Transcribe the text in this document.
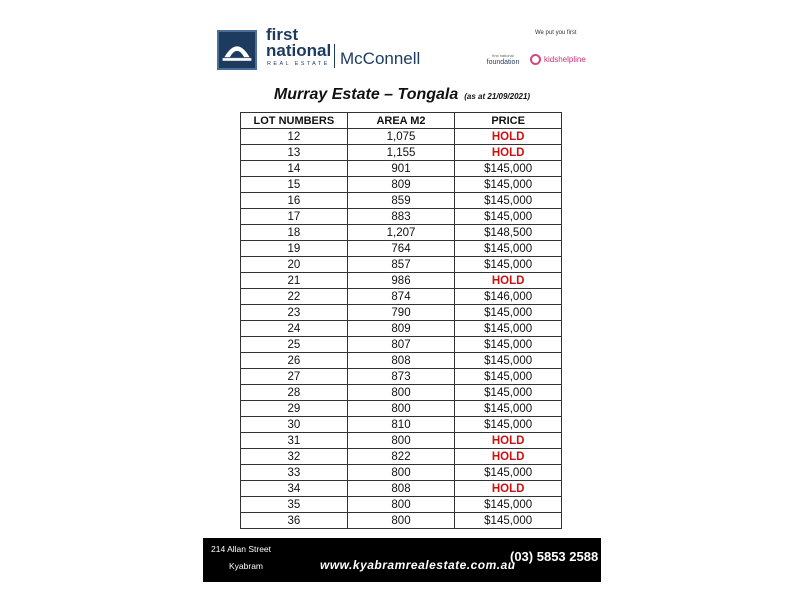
first
national
REAL ESTATE McConnell
We put you first
first national
foundation	kidshelpline
Murray Estate – Tongala (as at 21/09/2021)
LOT NUMBERS	AREA M2	PRICE
12	1,075	HOLD
13	1,155	HOLD
14	901	$145,000
15	809	$145,000
16	859	$145,000
17	883	$145,000
18	1,207	$148,500
19	764	$145,000
20	857	$145,000
21	986	HOLD
22	874	$146,000
23	790	$145,000
24	809	$145,000
25	807	$145,000
26	808	$145,000
27	873	$145,000
28	800	$145,000
29	800	$145,000
30	810	$145,000
31	800	HOLD
32	822	HOLD
33	800	$145,000
34	808	HOLD
35	800	$145,000
36	800	$145,000
214 Allan Street
Kyabram	www.kyabramrealestate.com.au
(03) 5853 2588
